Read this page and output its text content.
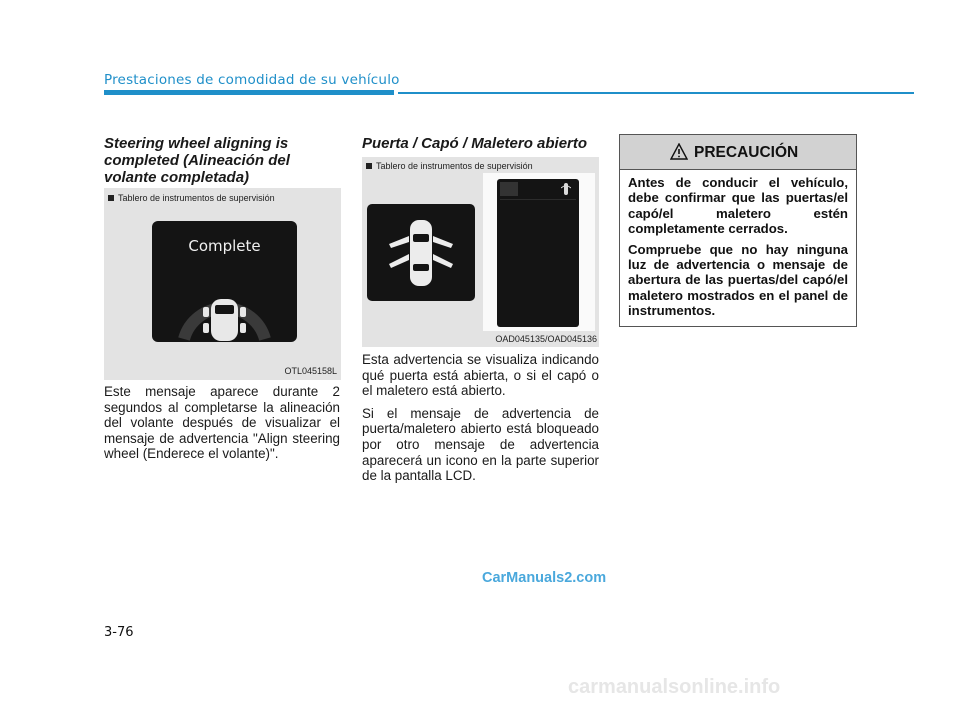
Prestaciones de comodidad de su vehículo
Steering wheel aligning is completed (Alineación del volante completada)
Tablero de instrumentos de supervisión
Complete
OTL045158L

Este mensaje aparece durante 2 segundos al completarse la alineación del volante después de visualizar el mensaje de advertencia "Align steering wheel (Enderece el volante)".

Puerta / Capó / Maletero abierto
Tablero de instrumentos de supervisión
OAD045135/OAD045136

Esta advertencia se visualiza indicando qué puerta está abierta, o si el capó o el maletero está abierto.

Si el mensaje de advertencia de puerta/maletero abierto está bloqueado por otro mensaje de advertencia aparecerá un icono en la parte superior de la pantalla LCD.

PRECAUCIÓN

Antes de conducir el vehículo, debe confirmar que las puertas/el capó/el maletero estén completamente cerrados.

Compruebe que no hay ninguna luz de advertencia o mensaje de abertura de las puertas/del capó/el maletero mostrados en el panel de instrumentos.

CarManuals2.com
3-76
carmanualsonline.info
